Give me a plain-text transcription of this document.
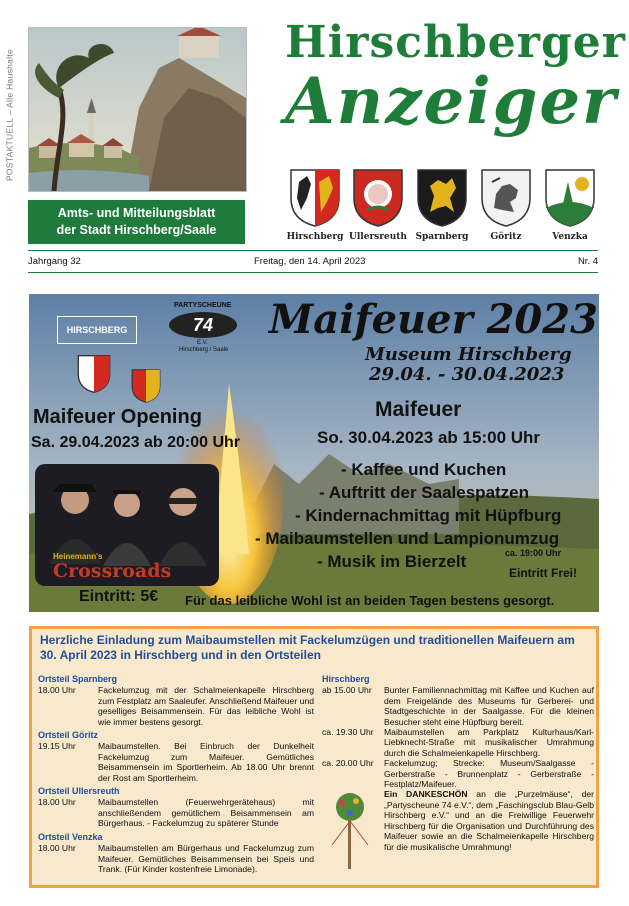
POSTAKTUELL – Alle Haushalte
Amts- und Mitteilungsblatt
der Stadt Hirschberg/Saale
Hirschberger
Anzeiger
Hirschberg Ullersreuth Sparnberg	Göritz	Venzka
Jahrgang 32	Freitag, den 14. April 2023	Nr. 4
HIRSCHBERG
PARTYSCHEUNE
74
E.V.
Hirschberg / Saale
Maifeuer 2023
Museum Hirschberg
29.04. - 30.04.2023
Maifeuer Opening
Sa. 29.04.2023 ab 20:00 Uhr
Heinemann's
Crossroads
Eintritt: 5€
Maifeuer
So. 30.04.2023 ab 15:00 Uhr
- Kaffee und Kuchen
- Auftritt der Saalespatzen
- Kindernachmittag mit Hüpfburg
- Maibaumstellen und Lampionumzug
- Musik im Bierzelt	ca. 19:00 Uhr
Eintritt Frei!
Für das leibliche Wohl ist an beiden Tagen bestens gesorgt.
Herzliche Einladung zum Maibaumstellen mit Fackelumzügen und traditionellen Maifeuern am 30. April 2023 in Hirschberg und in den Ortsteilen
Ortsteil Sparnberg
18.00 Uhr	Fackelumzug mit der Schalmeienkapelle Hirschberg zum Festplatz am Saaleufer. Anschließend Maifeuer und geselliges Beisammensein. Für das leibliche Wohl ist wie immer bestens gesorgt.
Ortsteil Göritz
19.15 Uhr	Maibaumstellen. Bei Einbruch der Dunkelheit Fackelumzug zum Maifeuer. Gemütliches Beisammensein im Sportlerheim. Ab 18.00 Uhr brennt der Rost am Sportlerheim.
Ortsteil Ullersreuth
18.00 Uhr	Maibaumstellen (Feuerwehrgerätehaus) mit anschließendem gemütlichem Beisammensein am Bürgerhaus. - Fackelumzug zu späterer Stunde
Ortsteil Venzka
18.00 Uhr	Maibaumstellen am Bürgerhaus und Fackelumzug zum Maifeuer. Gemütliches Beisammensein bei Speis und Trank. (Für Kinder kostenfreie Limonade).
Hirschberg
ab 15.00 Uhr	Bunter Familiennachmittag mit Kaffee und Kuchen auf dem Freigelände des Museums für Gerberei- und Stadtgeschichte in der Saalgasse. Für die kleinen Besucher steht eine Hüpfburg bereit.
ca. 19.30 Uhr	Maibaumstellen am Parkplatz Kulturhaus/Karl-Liebknecht-Straße mit musikalischer Umrahmung durch die Schalmeienkapelle Hirschberg.
ca. 20.00 Uhr	Fackelumzug; Strecke: Museum/Saalgasse - Gerberstraße - Brunnenplatz - Gerberstraße - Festplatz/Maifeuer.
Ein DANKESCHÖN an die „Purzelmäuse“, der „Partyscheune 74 e.V.“, dem „Faschingsclub Blau-Gelb Hirschberg e.V.“ und an die Freiwillige Feuerwehr Hirschberg für die Organisation und Durchführung des Maifeuer sowie an die Schalmeienkapelle Hirschberg für die musikalische Umrahmung!
